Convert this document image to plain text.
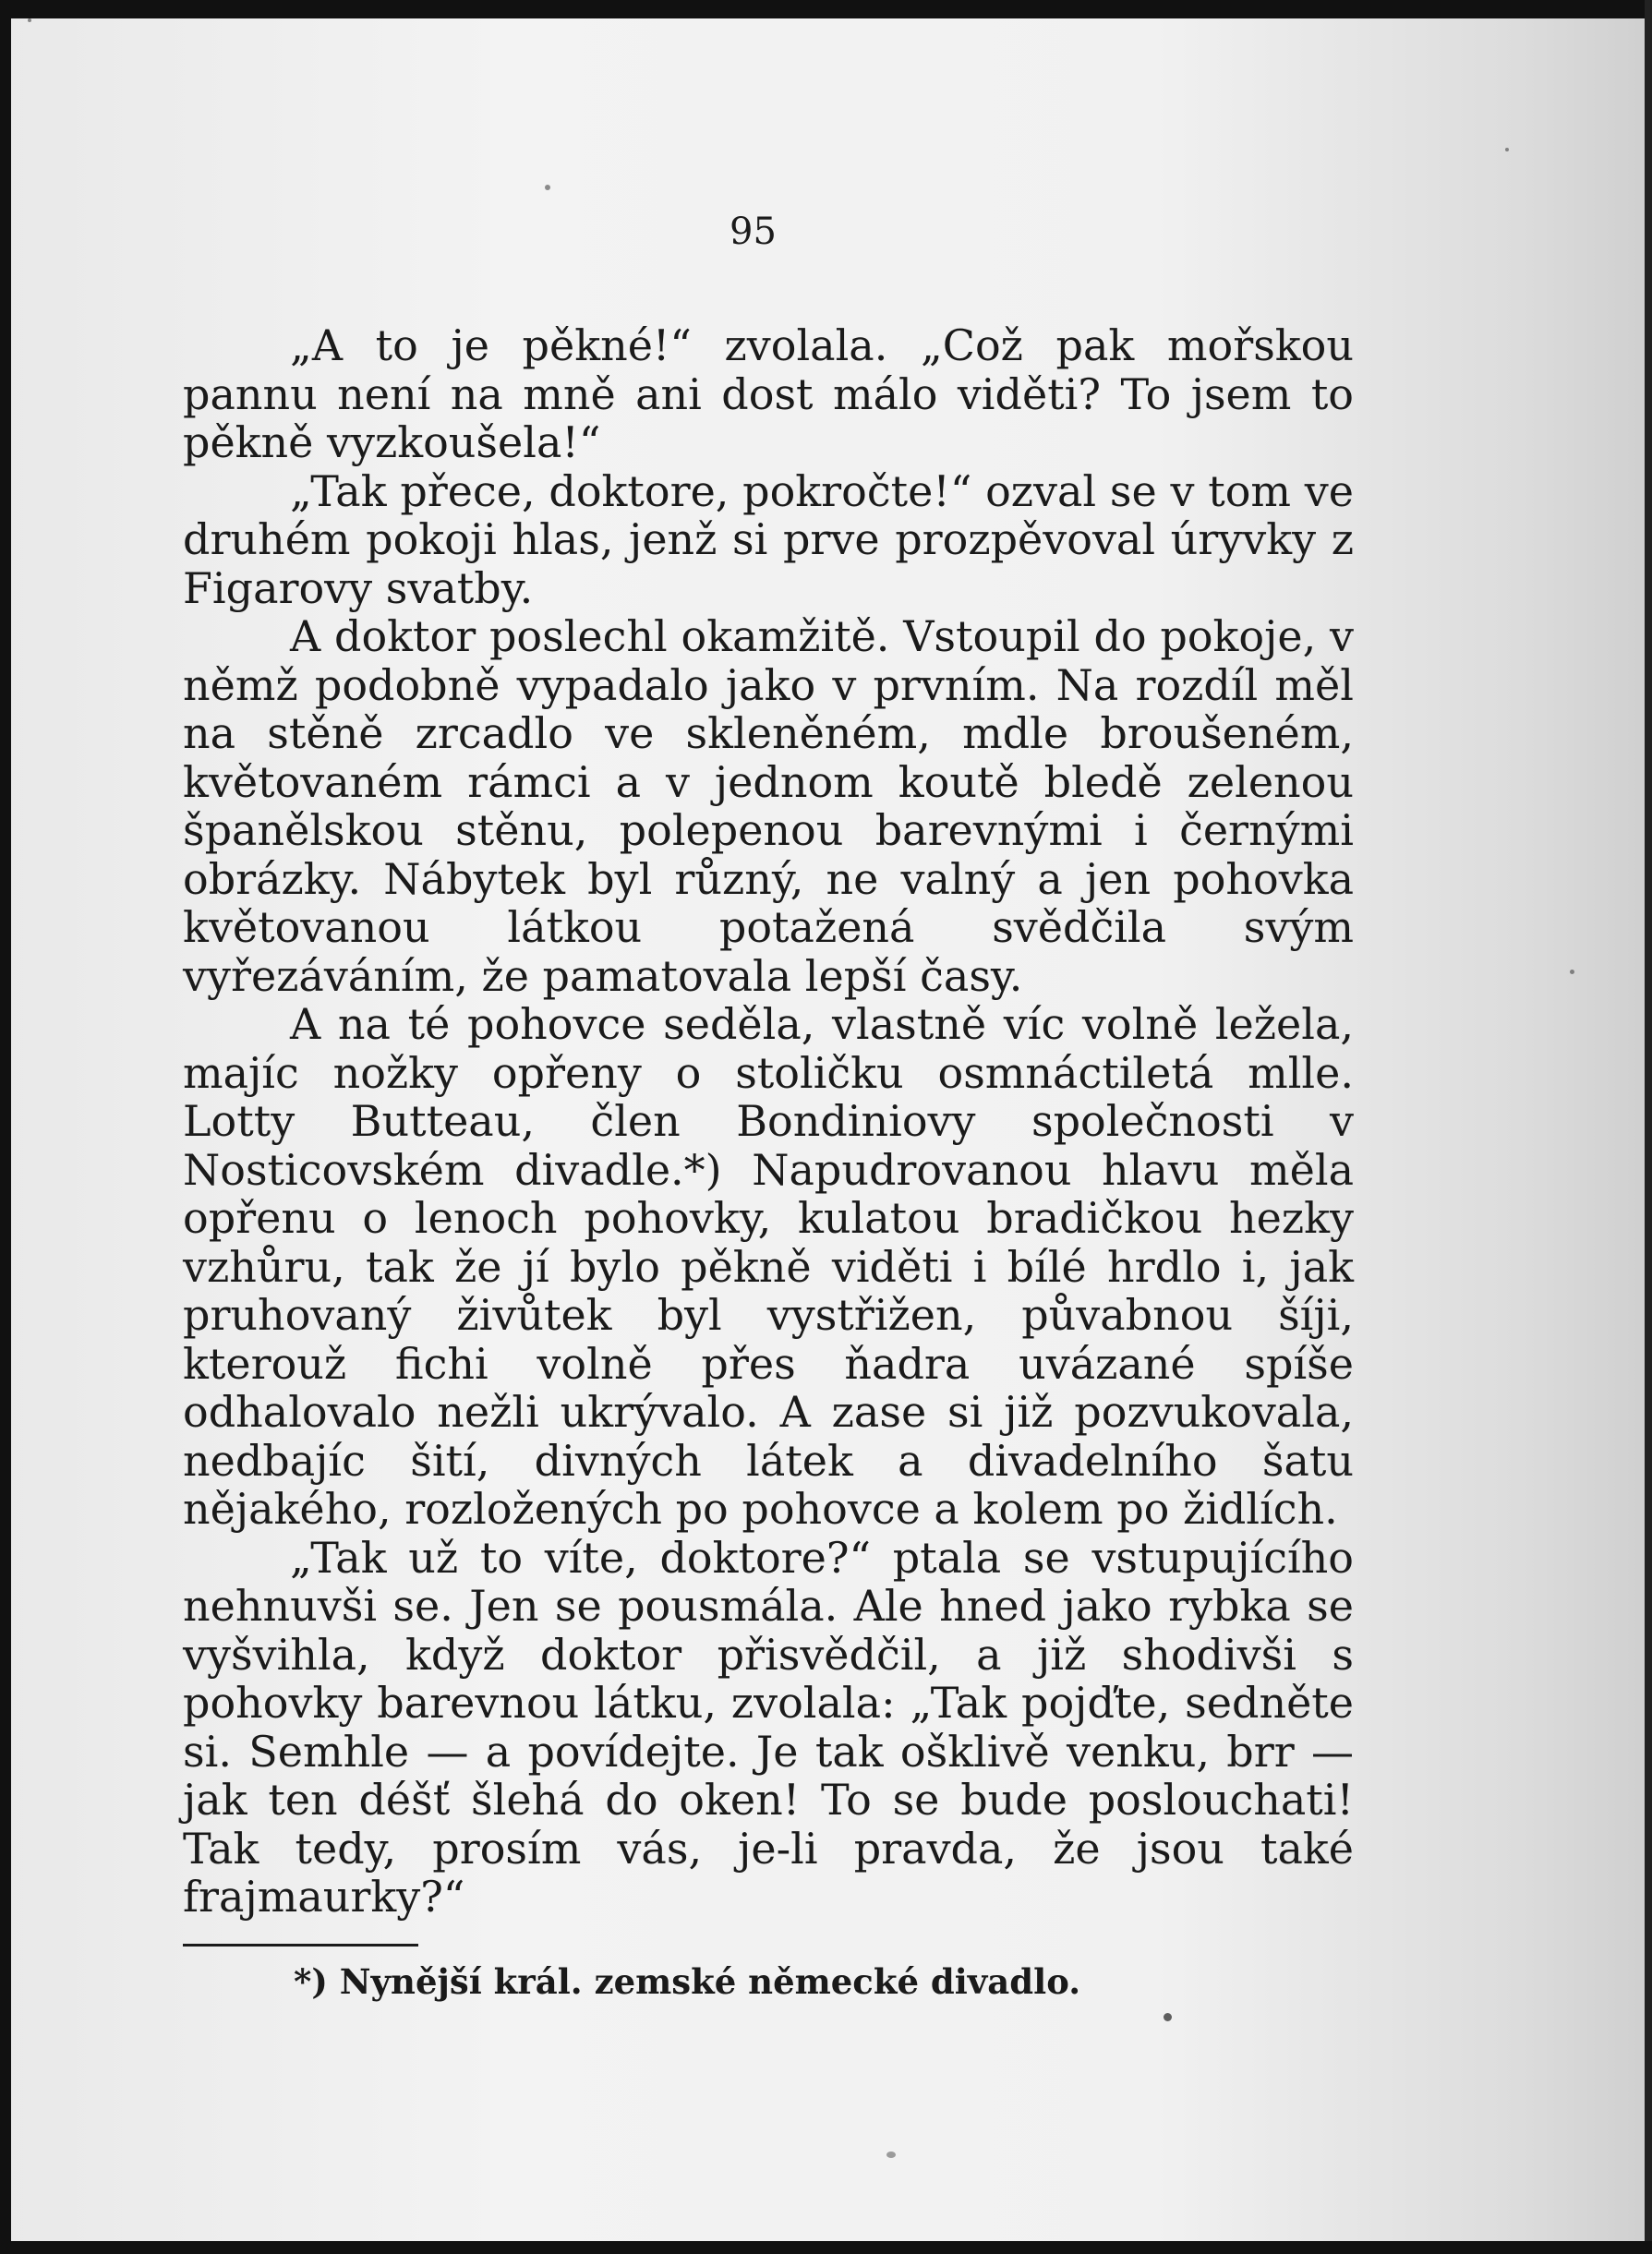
95

„A to je pěkné!“ zvolala. „Což pak mořskou pannu není na mně ani dost málo viděti? To jsem to pěkně vyzkoušela!“

„Tak přece, doktore, pokročte!“ ozval se v tom ve druhém pokoji hlas, jenž si prve prozpěvoval úryvky z Figarovy svatby.

A doktor poslechl okamžitě. Vstoupil do pokoje, v němž podobně vypadalo jako v prvním. Na rozdíl měl na stěně zrcadlo ve skleněném, mdle broušeném, květovaném rámci a v jednom koutě bledě zelenou španělskou stěnu, polepenou barevnými i černými obrázky. Nábytek byl různý, ne valný a jen pohovka květovanou látkou potažená svědčila svým vyřezáváním, že pamatovala lepší časy.

A na té pohovce seděla, vlastně víc volně ležela, majíc nožky opřeny o stoličku osmnáctiletá mlle. Lotty Butteau, člen Bondiniovy společnosti v Nosticovském divadle.*) Napudrovanou hlavu měla opřenu o lenoch pohovky, kulatou bradičkou hezky vzhůru, tak že jí bylo pěkně viděti i bílé hrdlo i, jak pruhovaný živůtek byl vystřižen, půvabnou šíji, kterouž fichi volně přes ňadra uvázané spíše odhalovalo nežli ukrývalo. A zase si již pozvukovala, nedbajíc šití, divných látek a divadelního šatu nějakého, rozložených po pohovce a kolem po židlích.

„Tak už to víte, doktore?“ ptala se vstupujícího nehnuvši se. Jen se pousmála. Ale hned jako rybka se vyšvihla, když doktor přisvědčil, a již shodivši s pohovky barevnou látku, zvolala: „Tak pojďte, sedněte si. Semhle — a povídejte. Je tak ošklivě venku, brr — jak ten déšť šlehá do oken! To se bude poslouchati! Tak tedy, prosím vás, je-li pravda, že jsou také frajmaurky?“

*) Nynější král. zemské německé divadlo.
